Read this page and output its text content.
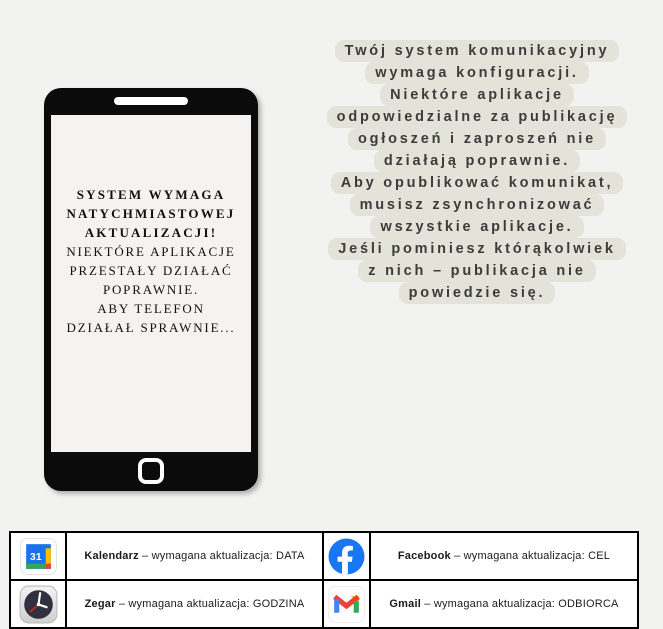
SYSTEM WYMAGA
NATYCHMIASTOWEJ
AKTUALIZACJI!
NIEKTÓRE APLIKACJE
PRZESTAŁY DZIAŁAĆ
POPRAWNIE.
ABY TELEFON
DZIAŁAŁ SPRAWNIE...
Twój system komunikacyjny
wymaga konfiguracji.
Niektóre aplikacje
odpowiedzialne za publikację
ogłoszeń i zaproszeń nie
działają poprawnie.
Aby opublikować komunikat,
musisz zsynchronizować
wszystkie aplikacje.
Jeśli pominiesz którąkolwiek
z nich – publikacja nie
powiedzie się.
31	Kalendarz – wymagana aktualizacja: DATA		Facebook – wymagana aktualizacja: CEL
	Zegar – wymagana aktualizacja: GODZINA		Gmail – wymagana aktualizacja: ODBIORCA
